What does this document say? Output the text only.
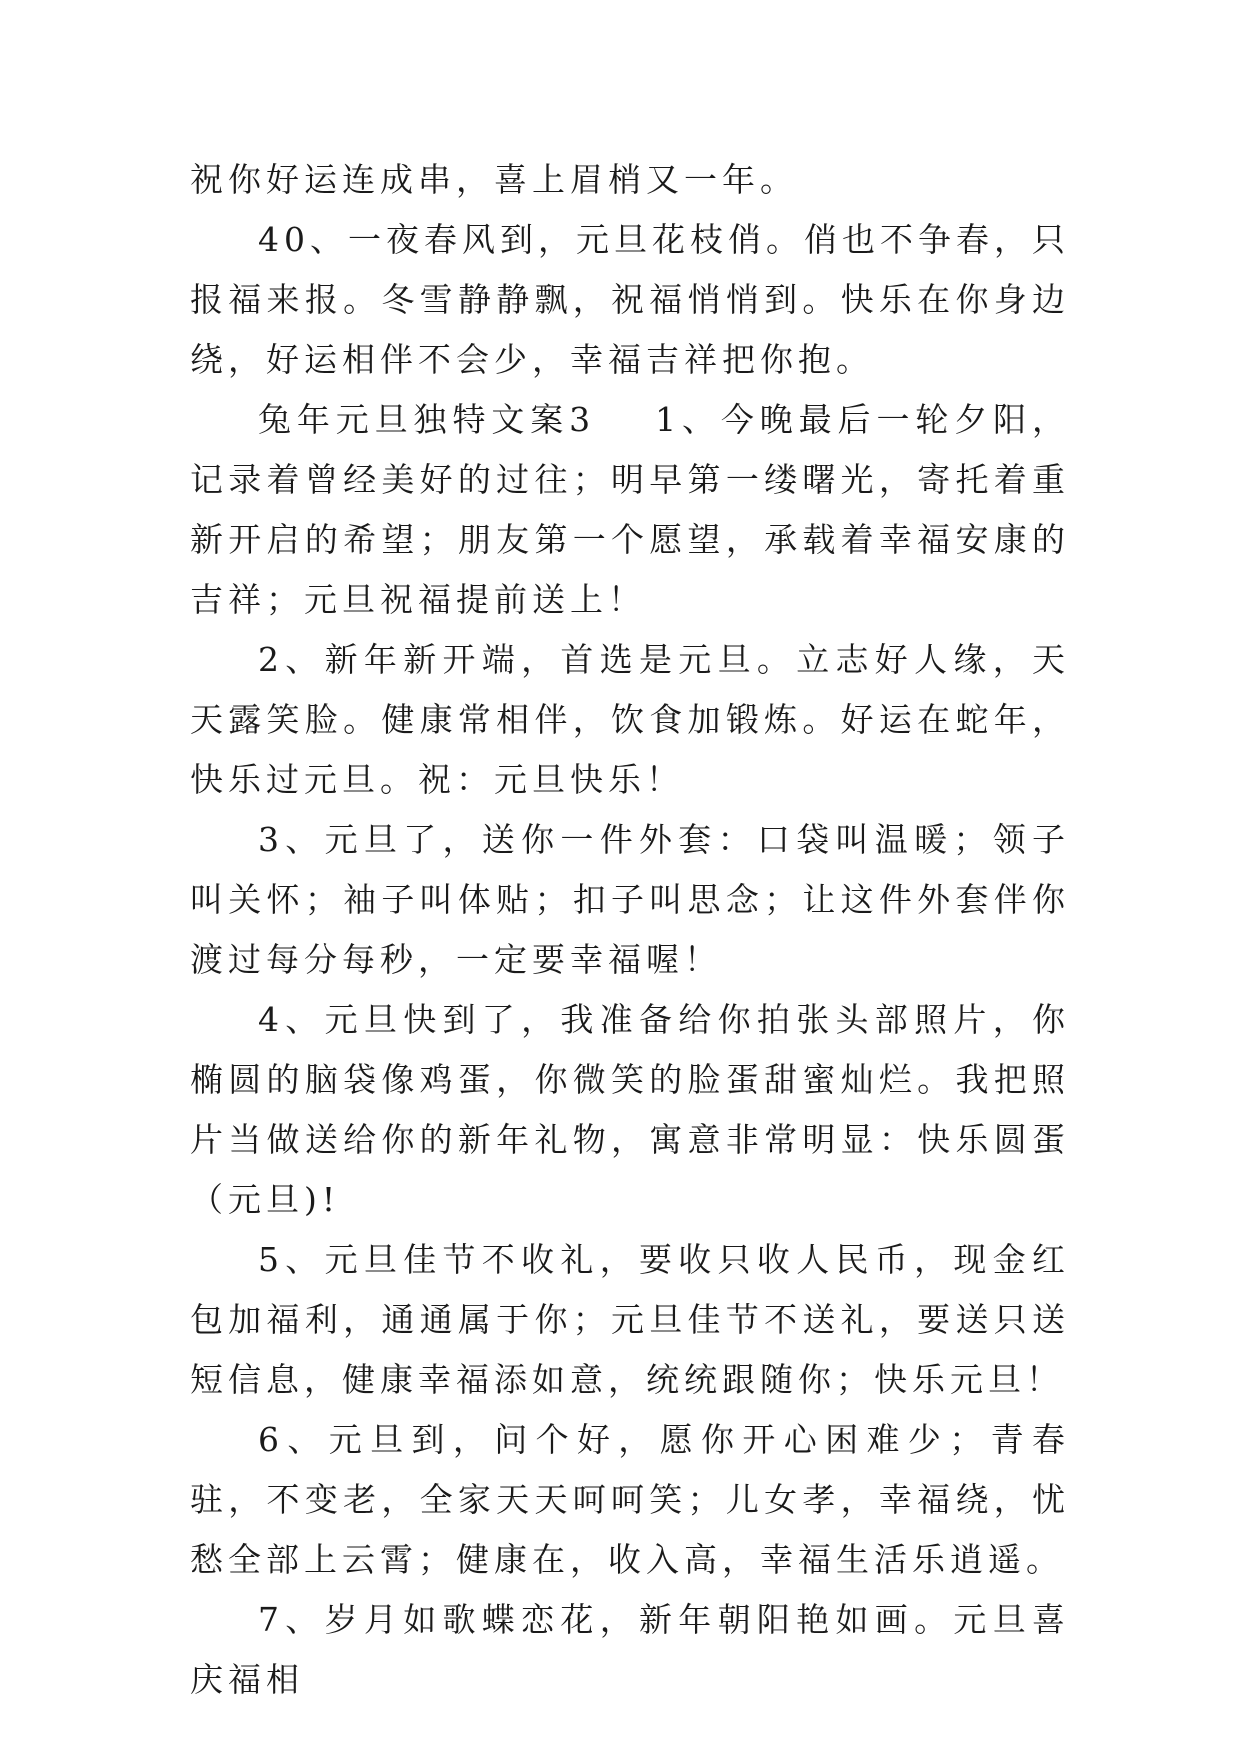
祝你好运连成串，喜上眉梢又一年。

40、一夜春风到，元旦花枝俏。俏也不争春，只报福来报。冬雪静静飘，祝福悄悄到。快乐在你身边绕，好运相伴不会少，幸福吉祥把你抱。

兔年元旦独特文案3 1、今晚最后一轮夕阳，记录着曾经美好的过往；明早第一缕曙光，寄托着重新开启的希望；朋友第一个愿望，承载着幸福安康的吉祥；元旦祝福提前送上！

2、新年新开端，首选是元旦。立志好人缘，天天露笑脸。健康常相伴，饮食加锻炼。好运在蛇年，快乐过元旦。祝：元旦快乐！

3、元旦了，送你一件外套：口袋叫温暖；领子叫关怀；袖子叫体贴；扣子叫思念；让这件外套伴你渡过每分每秒，一定要幸福喔！

4、元旦快到了，我准备给你拍张头部照片，你椭圆的脑袋像鸡蛋，你微笑的脸蛋甜蜜灿烂。我把照片当做送给你的新年礼物，寓意非常明显：快乐圆蛋（元旦)!

5、元旦佳节不收礼，要收只收人民币，现金红包加福利，通通属于你；元旦佳节不送礼，要送只送短信息，健康幸福添如意，统统跟随你；快乐元旦！

6、元旦到，问个好，愿你开心困难少；青春驻，不变老，全家天天呵呵笑；儿女孝，幸福绕，忧愁全部上云霄；健康在，收入高，幸福生活乐逍遥。

7、岁月如歌蝶恋花，新年朝阳艳如画。元旦喜庆福相
